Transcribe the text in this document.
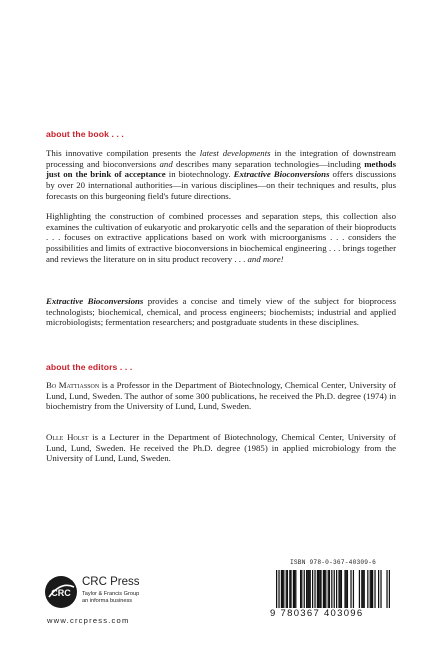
about the book . . .

This innovative compilation presents the latest developments in the integration of downstream processing and bioconversions and describes many separation technologies—including methods just on the brink of acceptance in biotechnology. Extractive Bioconversions offers discussions by over 20 international authorities—in various disciplines—on their techniques and results, plus forecasts on this burgeoning field's future directions.

Highlighting the construction of combined processes and separation steps, this collection also examines the cultivation of eukaryotic and prokaryotic cells and the separation of their bioproducts . . . focuses on extractive applications based on work with microorganisms . . . considers the possibilities and limits of extractive bioconversions in biochemical engineering . . . brings together and reviews the literature on in situ product recovery . . . and more!

Extractive Bioconversions provides a concise and timely view of the subject for bioprocess technologists; biochemical, chemical, and process engineers; biochemists; industrial and applied microbiologists; fermentation researchers; and postgraduate students in these disciplines.

about the editors . . .

Bo Mattiasson is a Professor in the Department of Biotechnology, Chemical Center, University of Lund, Lund, Sweden. The author of some 300 publications, he received the Ph.D. degree (1974) in biochemistry from the University of Lund, Lund, Sweden.

Olle Holst is a Lecturer in the Department of Biotechnology, Chemical Center, University of Lund, Lund, Sweden. He received the Ph.D. degree (1985) in applied microbiology from the University of Lund, Lund, Sweden.

CRC
CRC Press
Taylor & Francis Group
an informa business
www.crcpress.com
ISBN 978-0-367-40309-6
9 780367 403096
